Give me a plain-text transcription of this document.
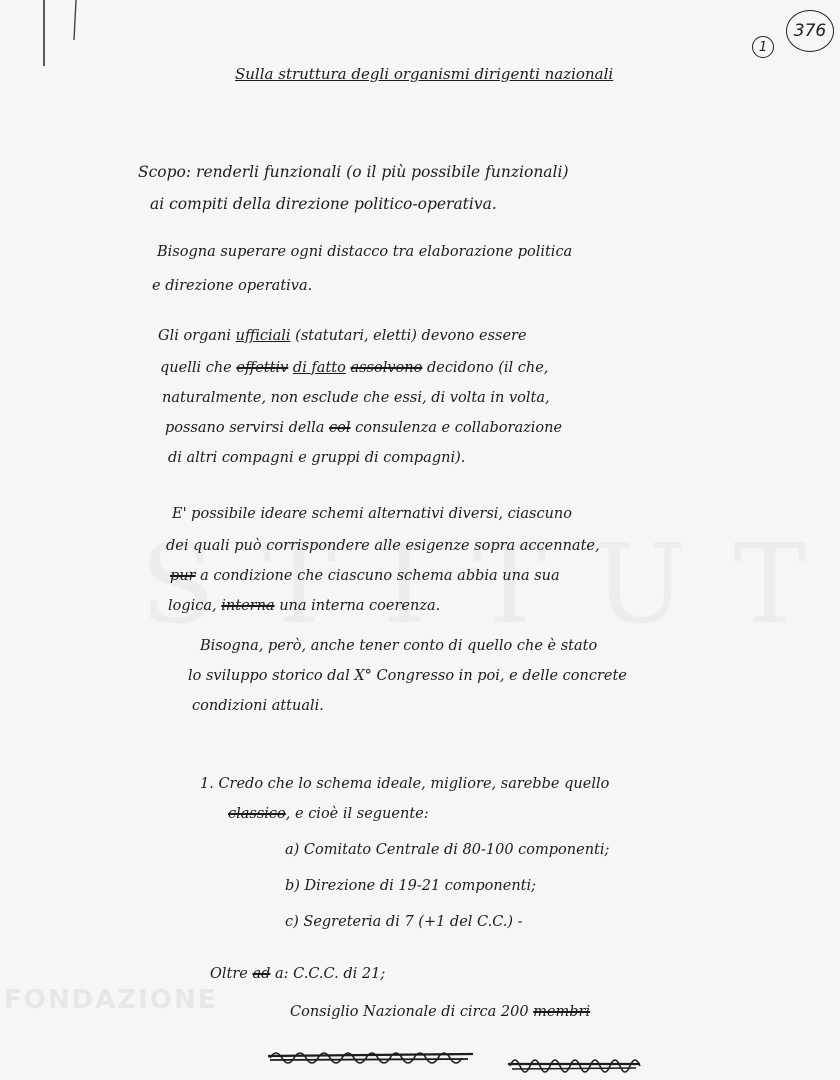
FONDAZIONE
1
376
Sulla struttura degli organismi dirigenti nazionali
Scopo: renderli funzionali (o il più possibile funzionali)
ai compiti della direzione politico-operativa.
Bisogna superare ogni distacco tra elaborazione politica
e direzione operativa.
Gli organi ufficiali (statutari, eletti) devono essere
quelli che effettiv di fatto assolvono decidono (il che,
naturalmente, non esclude che essi, di volta in volta,
possano servirsi della col consulenza e collaborazione
di altri compagni e gruppi di compagni).
E' possibile ideare schemi alternativi diversi, ciascuno
dei quali può corrispondere alle esigenze sopra accennate,
pur a condizione che ciascuno schema abbia una sua
logica, interna una interna coerenza.
Bisogna, però, anche tener conto di quello che è stato
lo sviluppo storico dal X° Congresso in poi, e delle concrete
condizioni attuali.
1. Credo che lo schema ideale, migliore, sarebbe quello
classico, e cioè il seguente:
a) Comitato Centrale di 80-100 componenti;
b) Direzione di 19-21 componenti;
c) Segreteria di 7 (+1 del C.C.) -
Oltre ad a: C.C.C. di 21;
Consiglio Nazionale di circa 200 membri
